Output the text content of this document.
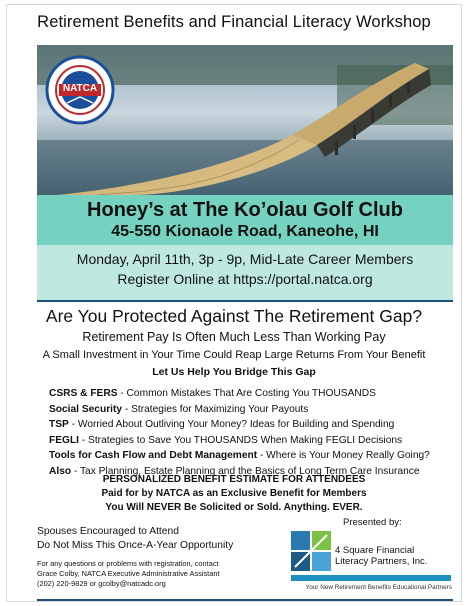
Retirement Benefits and Financial Literacy Workshop
NATCA
Honey’s at The Ko’olau Golf Club
45-550 Kionaole Road, Kaneohe, HI
Monday, April 11th, 3p - 9p, Mid-Late Career Members
Register Online at https://portal.natca.org
Are You Protected Against The Retirement Gap?
Retirement Pay Is Often Much Less Than Working Pay
A Small Investment in Your Time Could Reap Large Returns From Your Benefit
Let Us Help You Bridge This Gap
CSRS & FERS - Common Mistakes That Are Costing You THOUSANDS
Social Security - Strategies for Maximizing Your Payouts
TSP - Worried About Outliving Your Money? Ideas for Building and Spending
FEGLI - Strategies to Save You THOUSANDS When Making FEGLI Decisions
Tools for Cash Flow and Debt Management - Where is Your Money Really Going?
Also - Tax Planning, Estate Planning and the Basics of Long Term Care Insurance
PERSONALIZED BENEFIT ESTIMATE FOR ATTENDEES
Paid for by NATCA as an Exclusive Benefit for Members
You Will NEVER Be Solicited or Sold. Anything. EVER.
Spouses Encouraged to Attend
Do Not Miss This Once-A-Year Opportunity
For any questions or problems with registration, contact
Grace Colby, NATCA Executive Administrative Assistant
(202) 220-9829 or gcolby@natcadc.org
Presented by:
4 Square Financial
Literacy Partners, Inc.
Your New Retirement Benefits Educational Partners
